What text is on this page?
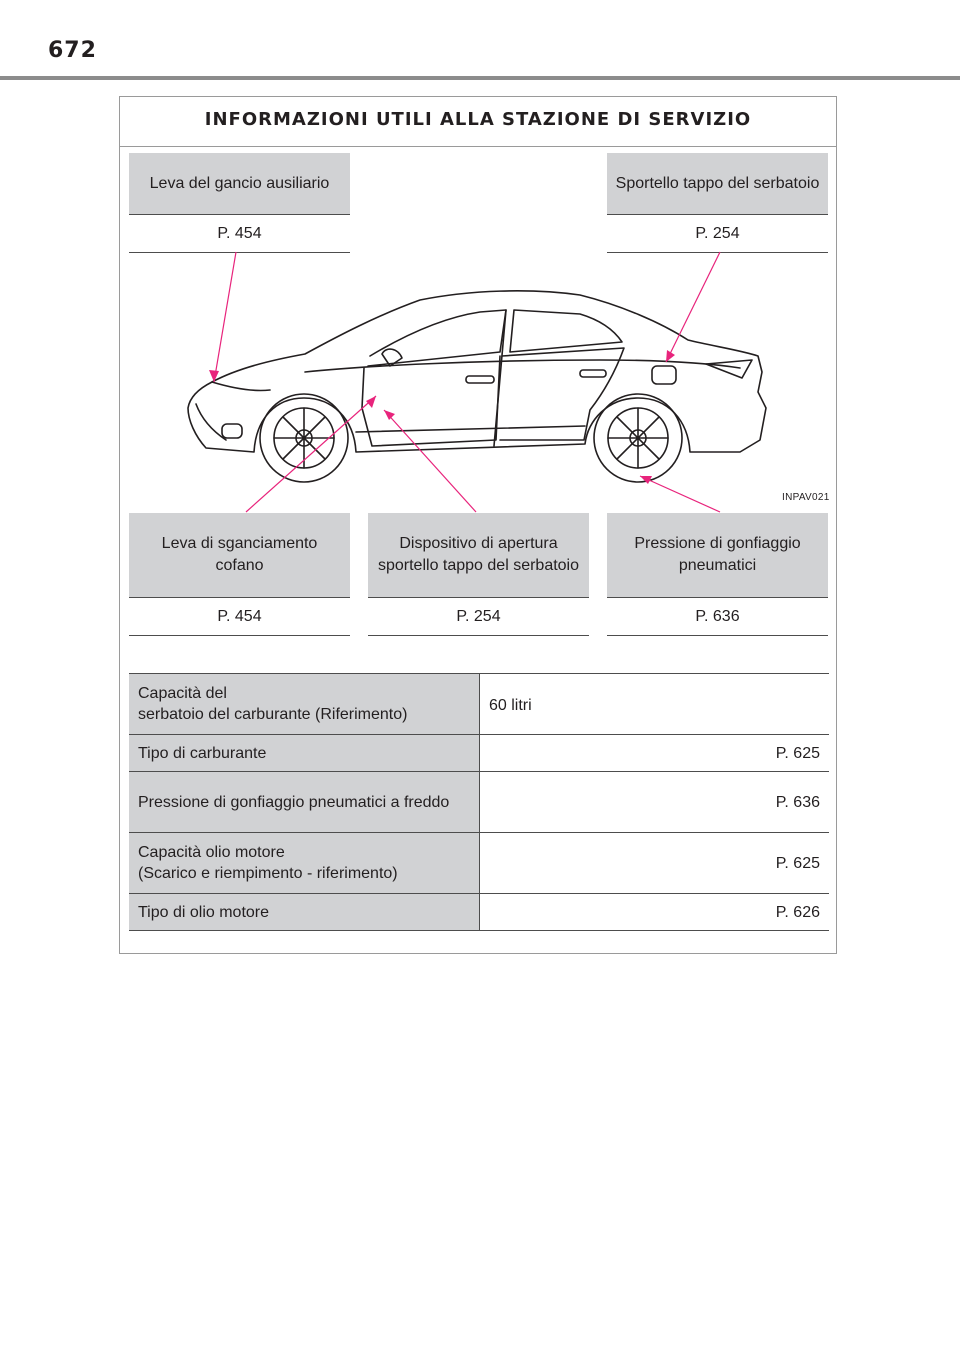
672
INFORMAZIONI UTILI ALLA STAZIONE DI SERVIZIO
Leva del gancio ausiliario
P. 454
Sportello tappo del serbatoio
P. 254
INPAV021
Leva di sganciamento cofano
P. 454
Dispositivo di apertura sportello tappo del serbatoio
P. 254
Pressione di gonfiaggio pneumatici
P. 636
Capacità del
serbatoio del carburante (Riferimento)	60 litri
Tipo di carburante	P. 625
Pressione di gonfiaggio pneumatici a freddo	P. 636

Capacità olio motore
(Scarico e riempimento - riferimento)	P. 625
Tipo di olio motore	P. 626
